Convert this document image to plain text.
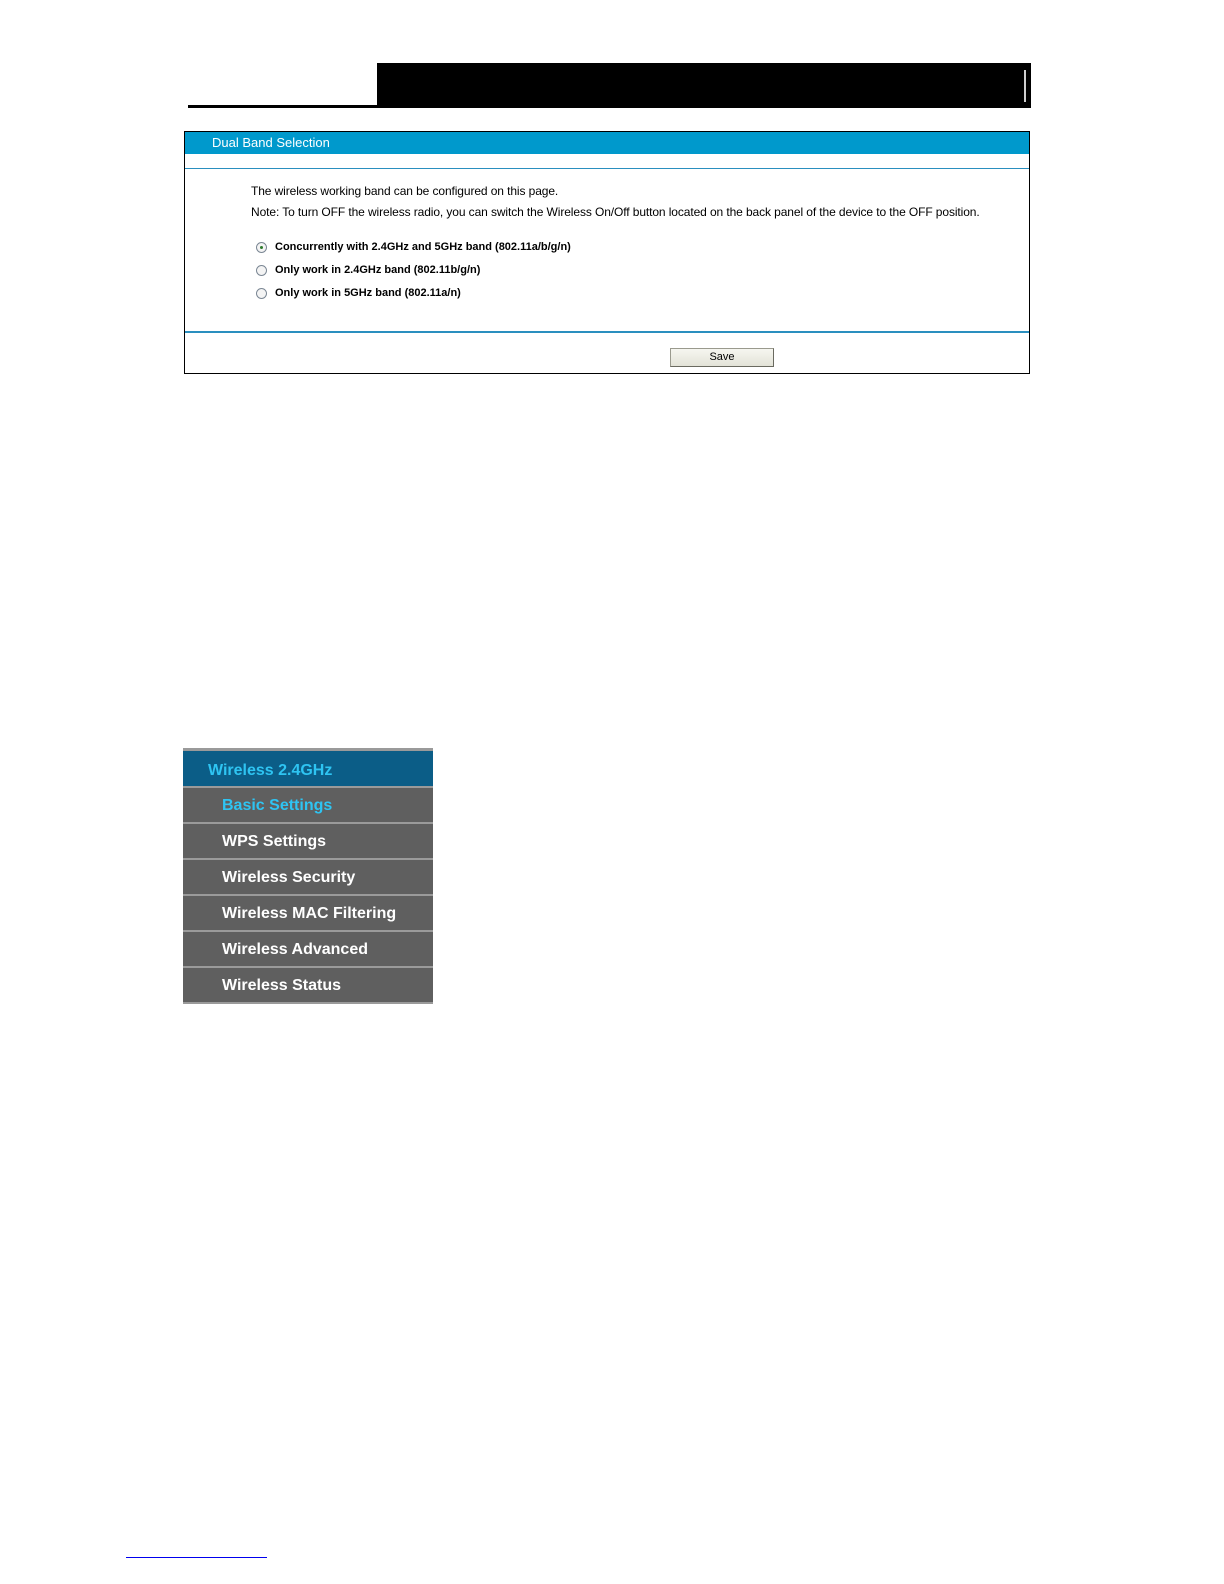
Dual Band Selection
The wireless working band can be configured on this page.
Note: To turn OFF the wireless radio, you can switch the Wireless On/Off button located on the back panel of the device to the OFF position.
Concurrently with 2.4GHz and 5GHz band (802.11a/b/g/n)
Only work in 2.4GHz band (802.11b/g/n)
Only work in 5GHz band (802.11a/n)
Save
Wireless 2.4GHz
Basic Settings
WPS Settings
Wireless Security
Wireless MAC Filtering
Wireless Advanced
Wireless Status
